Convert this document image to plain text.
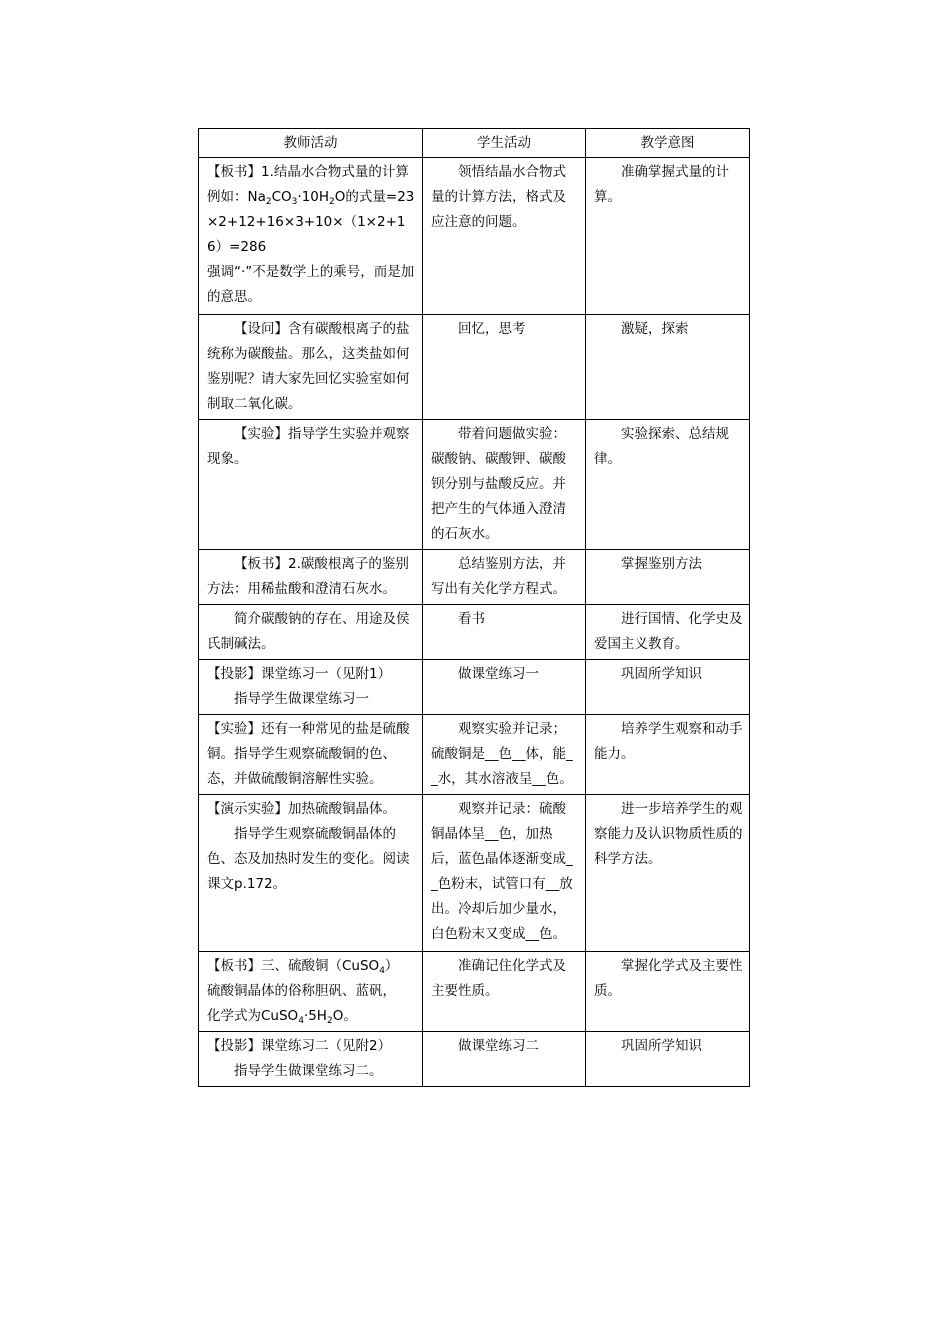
教师活动	学生活动	教学意图

【板书】1.结晶水合物式量的计算例如：$Na_2CO_3\cdot 10H_2O$的式量=23×2+12+16×3+10×（1×2+16）=286
强调“·”不是数学上的乘号，而是加的意思。	领悟结晶水合物式量的计算方法，格式及应注意的问题。	准确掌握式量的计算。

【设问】含有碳酸根离子的盐统称为碳酸盐。那么，这类盐如何鉴别呢？请大家先回忆实验室如何制取二氧化碳。	回忆，思考	激疑，探索

【实验】指导学生实验并观察现象。	带着问题做实验：碳酸钠、碳酸钾、碳酸钡分别与盐酸反应。并把产生的气体通入澄清的石灰水。	实验探索、总结规律。

【板书】2.碳酸根离子的鉴别方法：用稀盐酸和澄清石灰水。	总结鉴别方法，并写出有关化学方程式。	掌握鉴别方法

简介碳酸钠的存在、用途及侯氏制碱法。	看书	进行国情、化学史及爱国主义教育。

【投影】课堂练习一（见附1）
指导学生做课堂练习一	做课堂练习一	巩固所学知识

【实验】还有一种常见的盐是硫酸铜。指导学生观察硫酸铜的色、态，并做硫酸铜溶解性实验。	观察实验并记录；硫酸铜是__色__体，能__水，其水溶液呈__色。	培养学生观察和动手能力。

【演示实验】加热硫酸铜晶体。
指导学生观察硫酸铜晶体的色、态及加热时发生的变化。阅读课文p.172。	观察并记录：硫酸铜晶体呈__色，加热后，蓝色晶体逐渐变成__色粉末，试管口有__放出。冷却后加少量水，白色粉末又变成__色。	进一步培养学生的观察能力及认识物质性质的科学方法。

【板书】三、硫酸铜（CuSO$_4$）
硫酸铜晶体的俗称胆矾、蓝矾，
化学式为$CuSO_4\cdot 5H_2O$。	准确记住化学式及主要性质。	掌握化学式及主要性质。

【投影】课堂练习二（见附2）
指导学生做课堂练习二。	做课堂练习二	巩固所学知识
